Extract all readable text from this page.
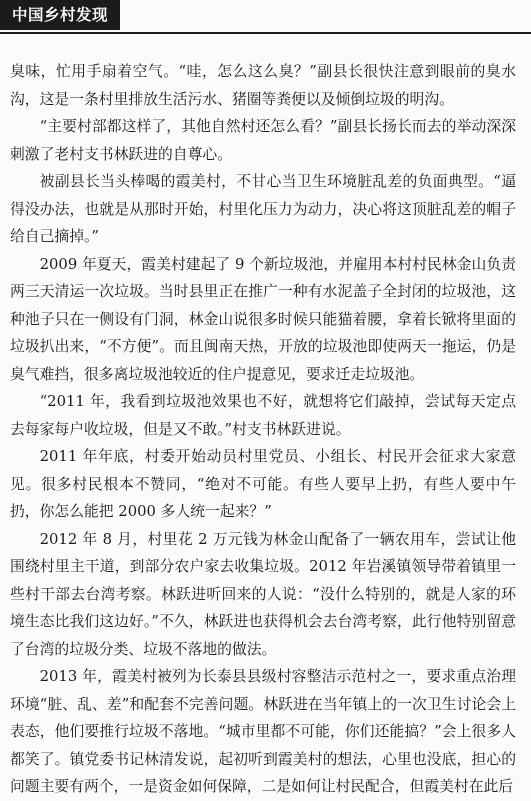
中国乡村发现

臭味，忙用手扇着空气。“哇，怎么这么臭？”副县长很快注意到眼前的臭水沟，这是一条村里排放生活污水、猪圈等粪便以及倾倒垃圾的明沟。

“主要村部都这样了，其他自然村还怎么看？”副县长扬长而去的举动深深刺激了老村支书林跃进的自尊心。

被副县长当头棒喝的霞美村，不甘心当卫生环境脏乱差的负面典型。“逼得没办法，也就是从那时开始，村里化压力为动力，决心将这顶脏乱差的帽子给自己摘掉。”

2009 年夏天，霞美村建起了 9 个新垃圾池，并雇用本村村民林金山负责两三天清运一次垃圾。当时县里正在推广一种有水泥盖子全封闭的垃圾池，这种池子只在一侧设有门洞，林金山说很多时候只能猫着腰，拿着长锨将里面的垃圾扒出来，“不方便”。而且闽南天热，开放的垃圾池即使两天一拖运，仍是臭气难挡，很多离垃圾池较近的住户提意见，要求迁走垃圾池。

“2011 年，我看到垃圾池效果也不好，就想将它们敲掉，尝试每天定点去每家每户收垃圾，但是又不敢。”村支书林跃进说。

2011 年年底，村委开始动员村里党员、小组长、村民开会征求大家意见。很多村民根本不赞同，“绝对不可能。有些人要早上扔，有些人要中午扔，你怎么能把 2000 多人统一起来？”

2012 年 8 月，村里花 2 万元钱为林金山配备了一辆农用车，尝试让他围绕村里主干道，到部分农户家去收集垃圾。2012 年岩溪镇领导带着镇里一些村干部去台湾考察。林跃进听回来的人说：“没什么特别的，就是人家的环境生态比我们这边好。”不久，林跃进也获得机会去台湾考察，此行他特别留意了台湾的垃圾分类、垃圾不落地的做法。

2013 年，霞美村被列为长泰县县级村容整洁示范村之一，要求重点治理环境“脏、乱、差”和配套不完善问题。林跃进在当年镇上的一次卫生讨论会上表态，他们要推行垃圾不落地。“城市里都不可能，你们还能搞？”会上很多人都笑了。镇党委书记林清发说，起初听到霞美村的想法，心里也没底，担心的问题主要有两个，一是资金如何保障，二是如何让村民配合，但霞美村在此后
